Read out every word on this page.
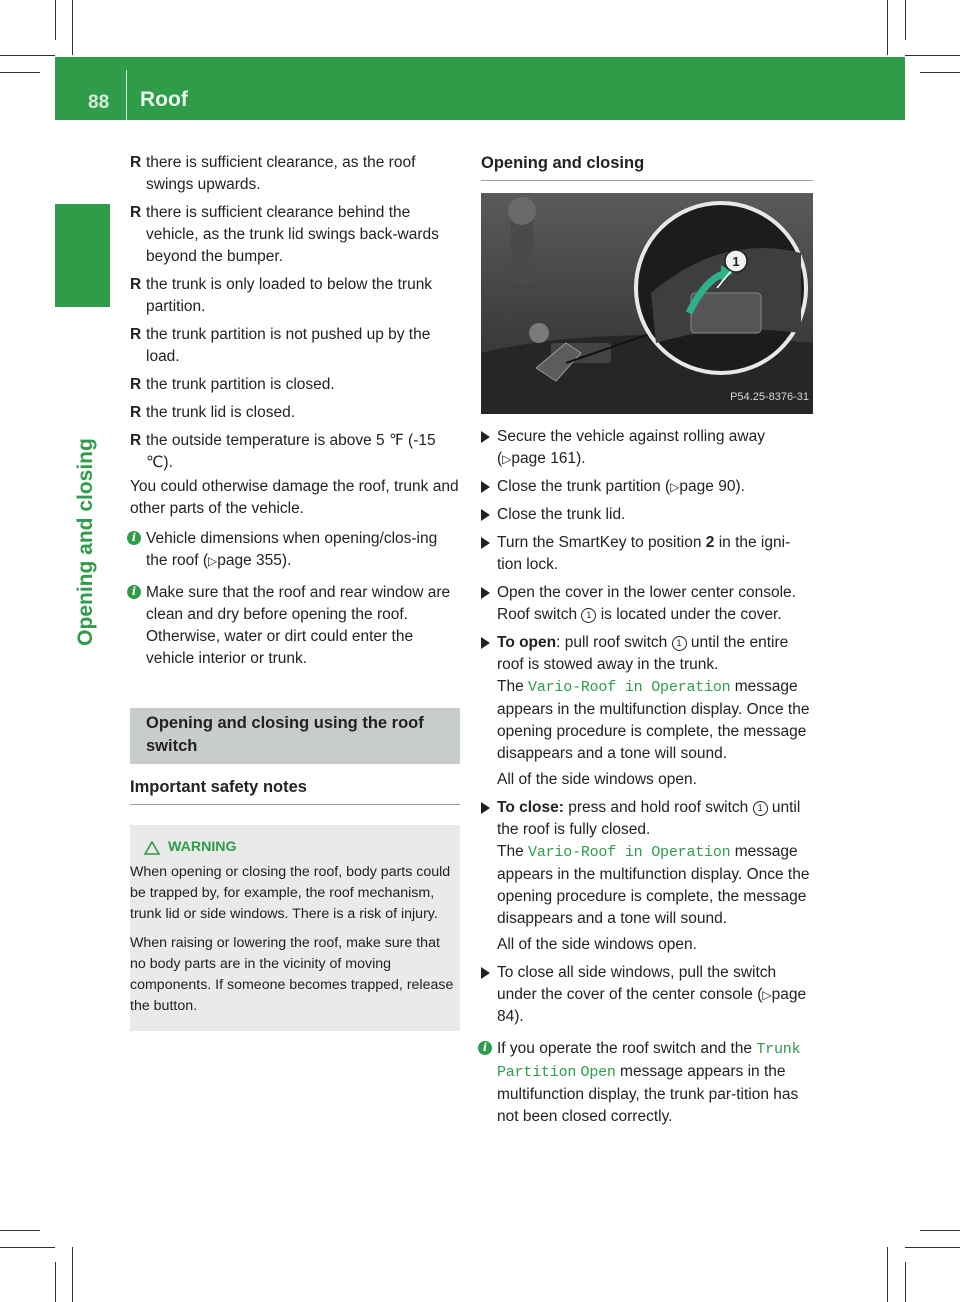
88 Roof
Opening and closing
R there is sufficient clearance, as the roof swings upwards.
R there is sufficient clearance behind the vehicle, as the trunk lid swings back-wards beyond the bumper.
R the trunk is only loaded to below the trunk partition.
R the trunk partition is not pushed up by the load.
R the trunk partition is closed.
R the trunk lid is closed.
R the outside temperature is above 5 ℉ (‑15 ℃).

You could otherwise damage the roof, trunk and other parts of the vehicle.

i Vehicle dimensions when opening/clos-ing the roof (▷page 355).
i Make sure that the roof and rear window are clean and dry before opening the roof. Otherwise, water or dirt could enter the vehicle interior or trunk.
Opening and closing using the roof switch
Important safety notes
WARNING

When opening or closing the roof, body parts could be trapped by, for example, the roof mechanism, trunk lid or side windows. There is a risk of injury.

When raising or lowering the roof, make sure that no body parts are in the vicinity of moving components. If someone becomes trapped, release the button.

Opening and closing
1
P54.25-8376-31
Secure the vehicle against rolling away (▷page 161).
Close the trunk partition (▷page 90).
Close the trunk lid.
Turn the SmartKey to position 2 in the igni-tion lock.
Open the cover in the lower center console. Roof switch 1 is located under the cover.
To open: pull roof switch 1 until the entire roof is stowed away in the trunk.
The Vario-Roof in Operation message appears in the multifunction display. Once the opening procedure is complete, the message disappears and a tone will sound.
All of the side windows open.
To close: press and hold roof switch 1 until the roof is fully closed.
The Vario-Roof in Operation message appears in the multifunction display. Once the opening procedure is complete, the message disappears and a tone will sound.
All of the side windows open.
To close all side windows, pull the switch under the cover of the center console (▷page 84).
i If you operate the roof switch and the Trunk Partition Open message appears in the multifunction display, the trunk par-tition has not been closed correctly.
